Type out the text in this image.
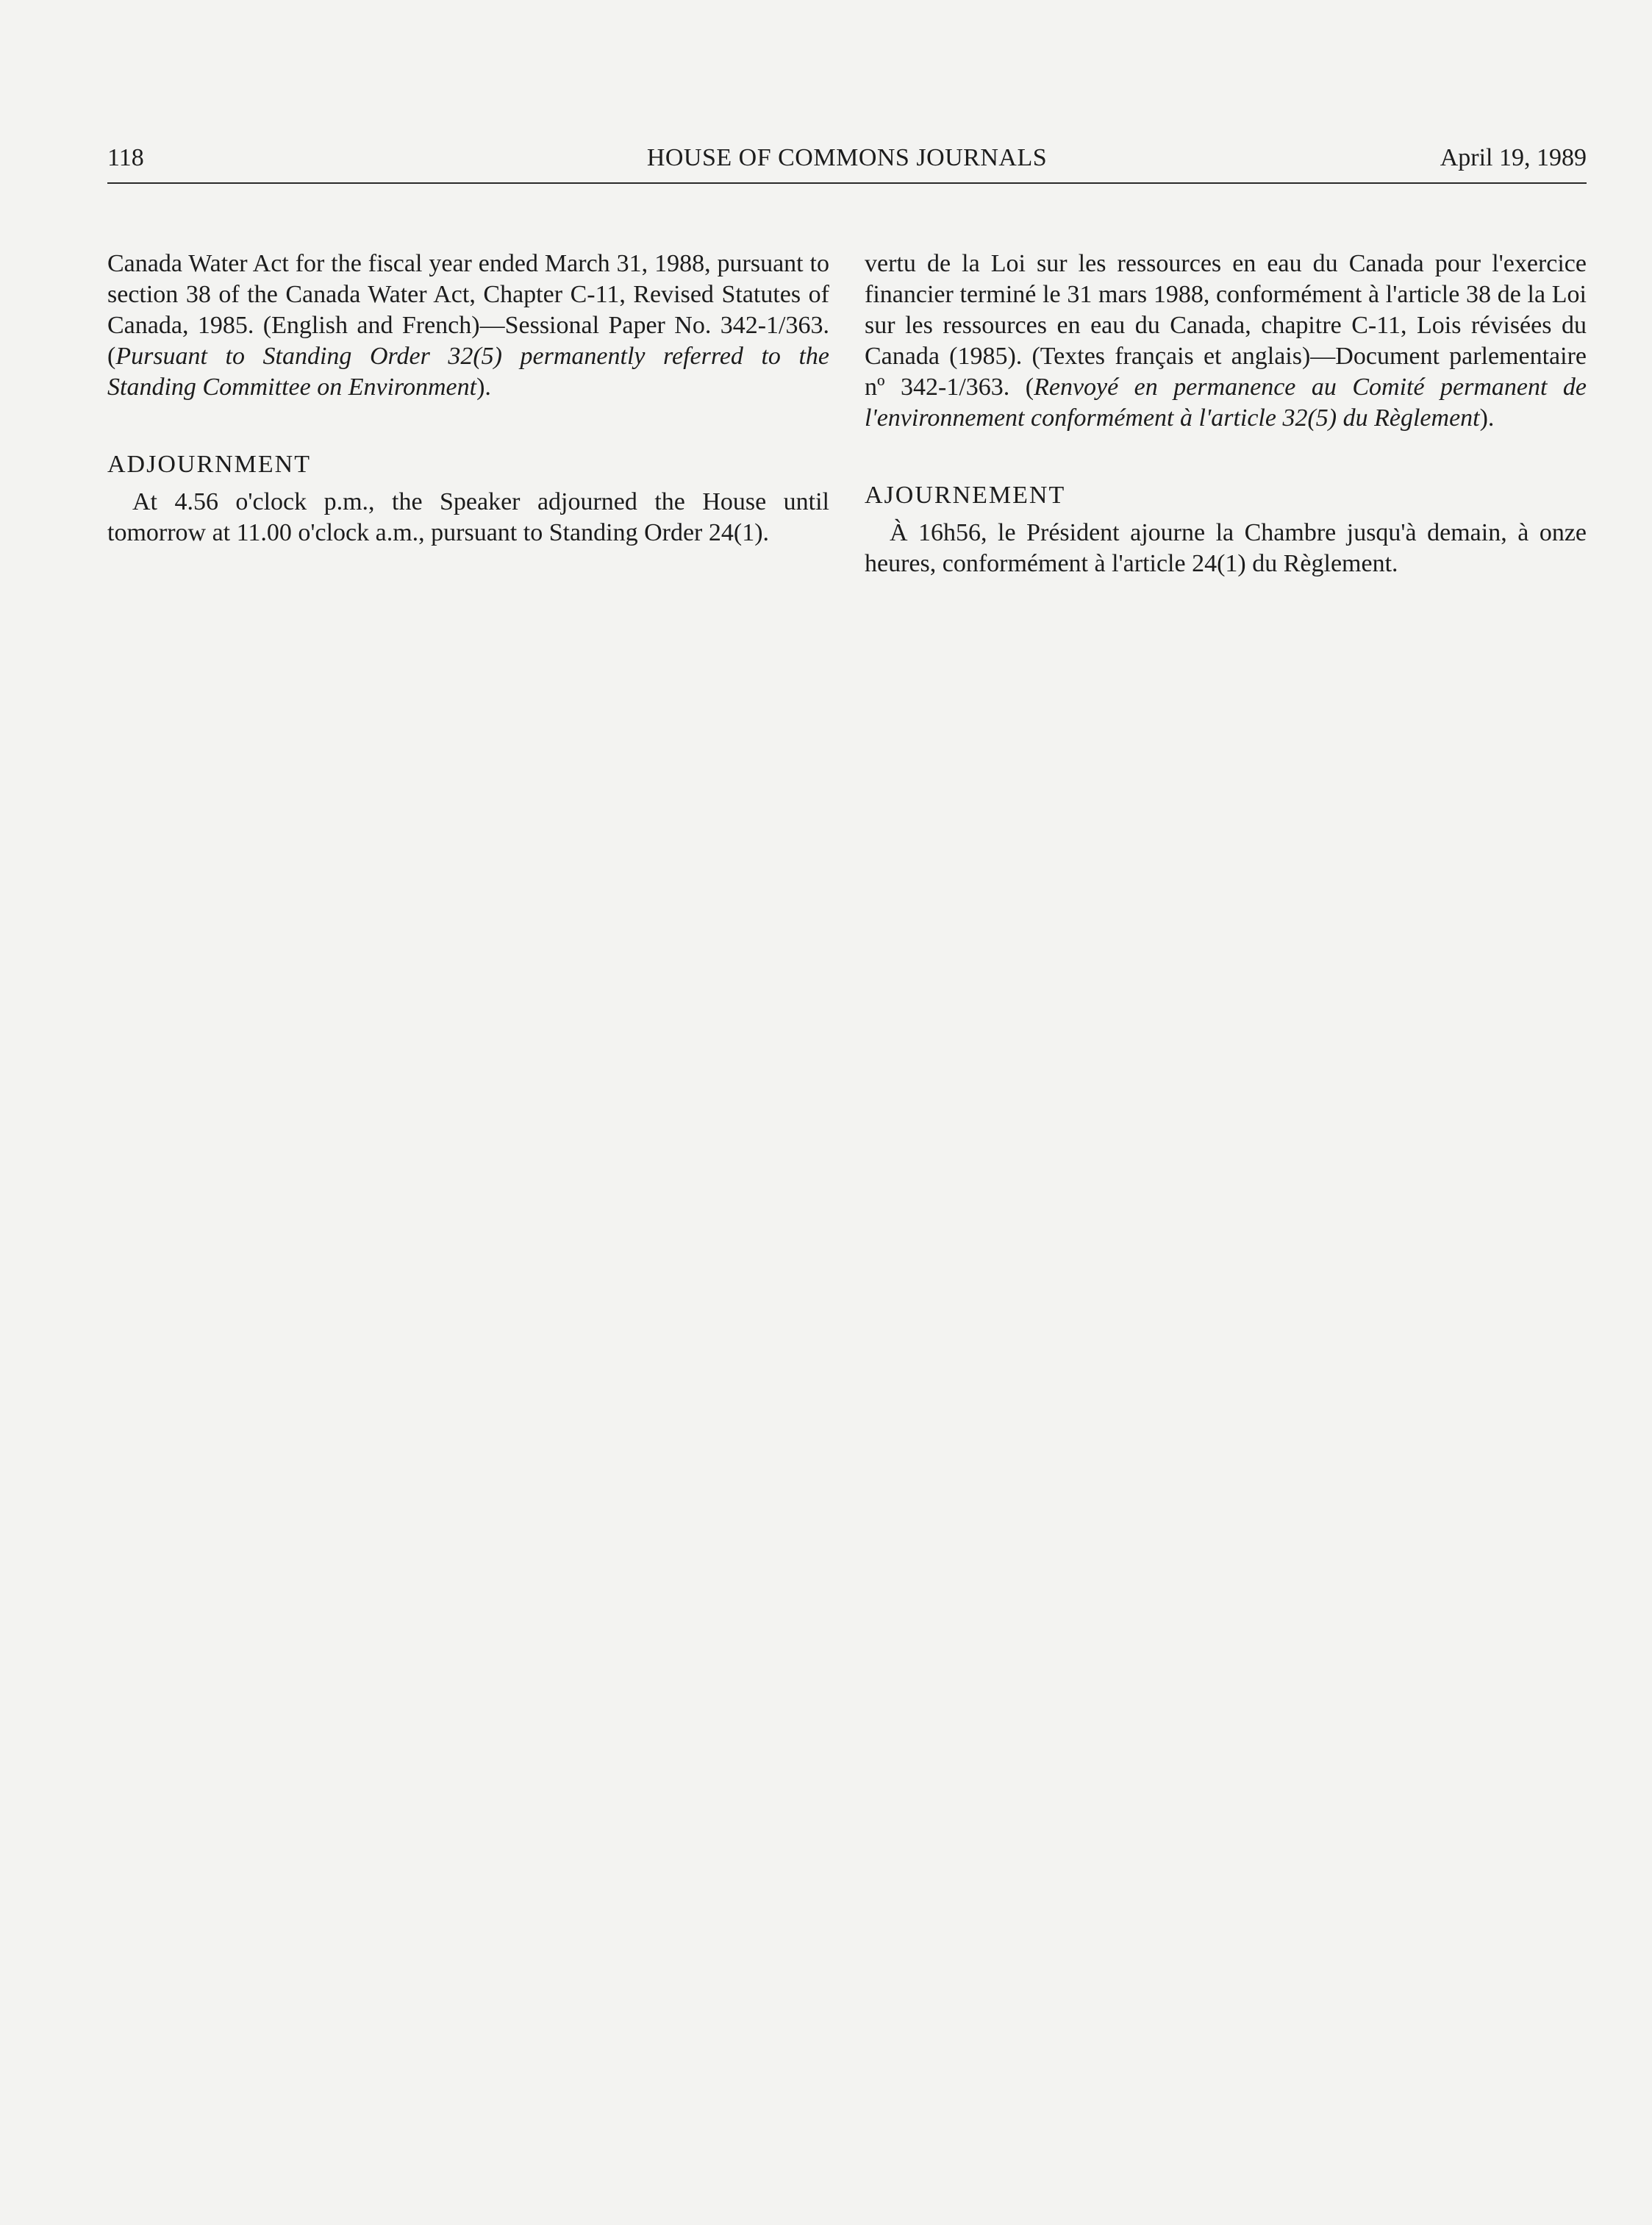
118	HOUSE OF COMMONS JOURNALS	April 19, 1989

Canada Water Act for the fiscal year ended March 31, 1988, pursuant to section 38 of the Canada Water Act, Chapter C-11, Revised Statutes of Canada, 1985. (English and French)—Sessional Paper No. 342-1/363. (Pursuant to Standing Order 32(5) permanently referred to the Standing Committee on Environment).

ADJOURNMENT

At 4.56 o'clock p.m., the Speaker adjourned the House until tomorrow at 11.00 o'clock a.m., pursuant to Standing Order 24(1).

vertu de la Loi sur les ressources en eau du Canada pour l'exercice financier terminé le 31 mars 1988, conformément à l'article 38 de la Loi sur les ressources en eau du Canada, chapitre C-11, Lois révisées du Canada (1985). (Textes français et anglais)—Document parlementaire nº 342-1/363. (Renvoyé en permanence au Comité permanent de l'environnement conformément à l'article 32(5) du Règlement).

AJOURNEMENT

À 16h56, le Président ajourne la Chambre jusqu'à demain, à onze heures, conformément à l'article 24(1) du Règlement.
